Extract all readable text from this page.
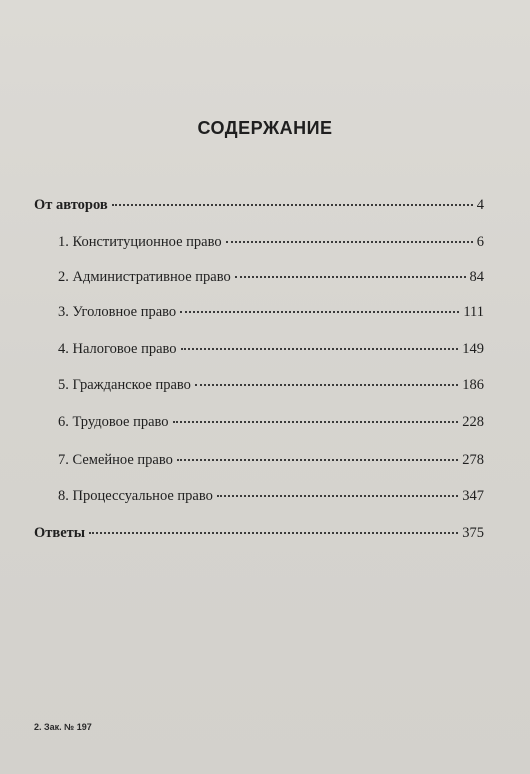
СОДЕРЖАНИЕ
От авторов	4
1. Конституционное право	6
2. Административное право	84
3. Уголовное право	111
4. Налоговое право	149
5. Гражданское право	186
6. Трудовое право	228
7. Семейное право	278
8. Процессуальное право	347
Ответы	375
2. Зак. № 197
